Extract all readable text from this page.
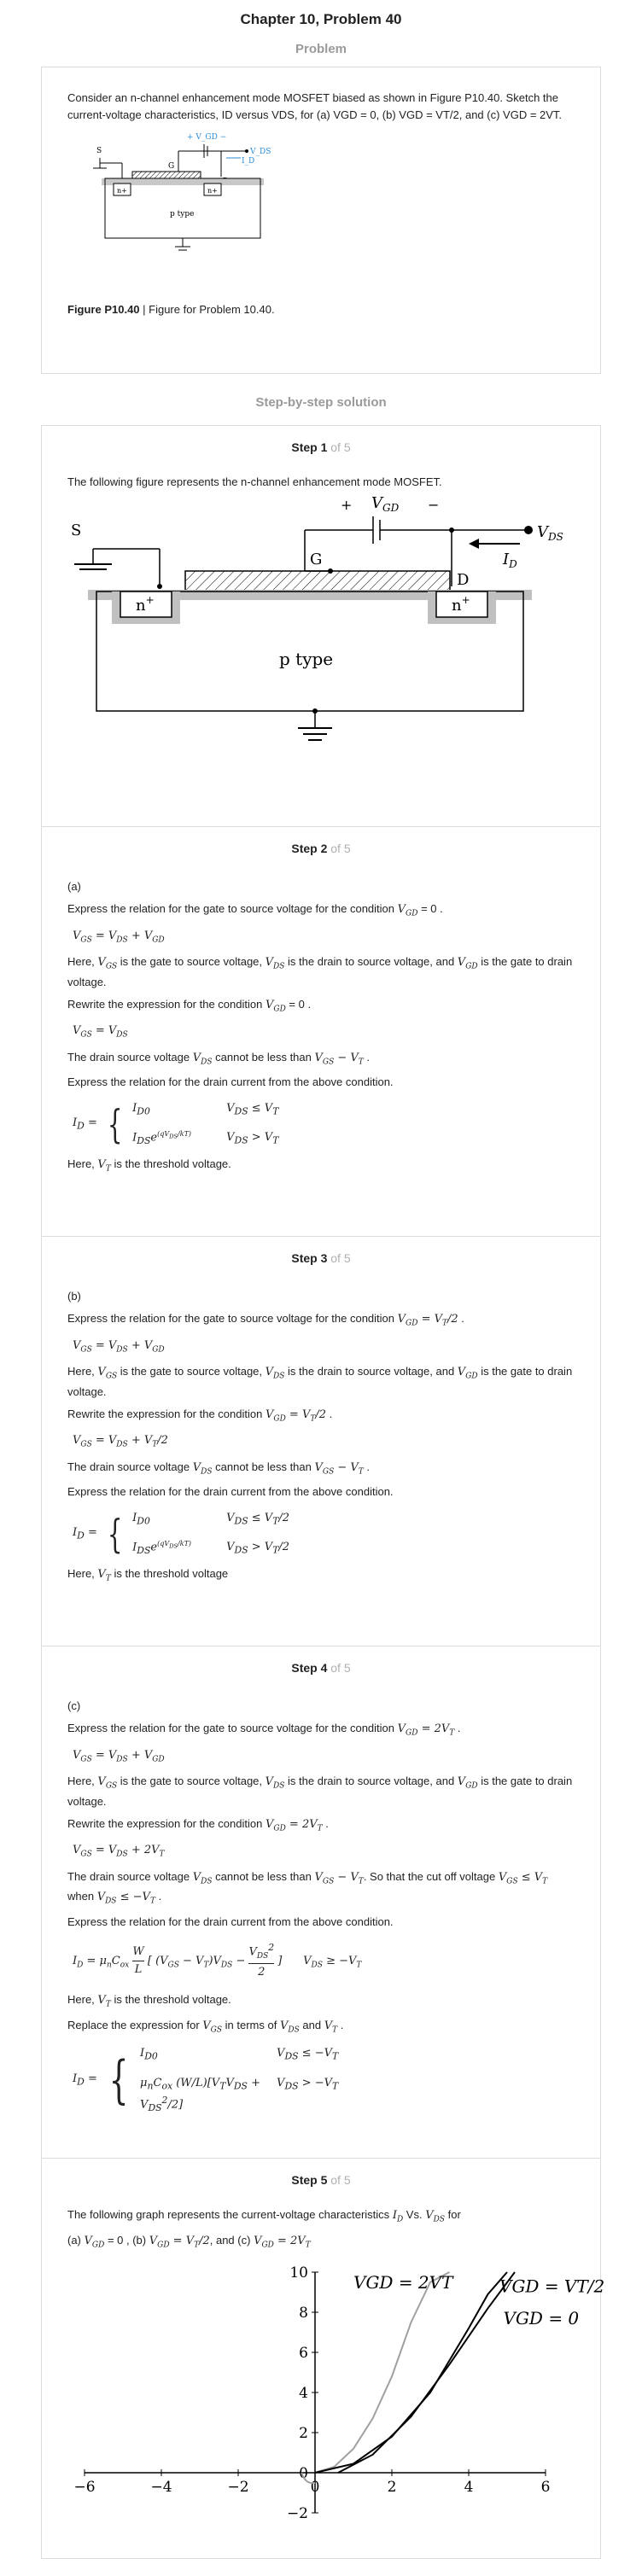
Chapter 10, Problem 40
Problem

Consider an n-channel enhancement mode MOSFET biased as shown in Figure P10.40. Sketch the current-voltage characteristics, ID versus VDS, for (a) VGD = 0, (b) VGD = VT/2, and (c) VGD = 2VT.

+ V_GD −
V_DS
I_D
G
S
n+	n+
p type
Figure P10.40 | Figure for Problem 10.40.
Step-by-step solution
Step 1 of 5

The following figure represents the n-channel enhancement mode MOSFET.

+ $V_{GD}$ −
$V_{DS}$
$I_D$
G
D
S
n+	n+
p type
Step 2 of 5

(a)

Express the relation for the gate to source voltage for the condition $V_{GD} = 0$ .

$V_{GS} = V_{DS} + V_{GD}$

Here, $V_{GS}$ is the gate to source voltage, $V_{DS}$ is the drain to source voltage, and $V_{GD}$ is the gate to drain voltage.

Rewrite the expression for the condition $V_{GD} = 0$ .

$V_{GS} = V_{DS}$

The drain source voltage $V_{DS}$ cannot be less than $V_{GS} - V_T$ .

Express the relation for the drain current from the above condition.

$I_D$ = { $I_{D0}$	$V_{DS} \le V_T$
$I_{DS}e^{(qV_{DS}/kT)}$	$V_{DS} > V_T$

Here, $V_T$ is the threshold voltage.

Step 3 of 5

(b)

Express the relation for the gate to source voltage for the condition $V_{GD} = V_T/2$ .

$V_{GS} = V_{DS} + V_{GD}$

Here, $V_{GS}$ is the gate to source voltage, $V_{DS}$ is the drain to source voltage, and $V_{GD}$ is the gate to drain voltage.

Rewrite the expression for the condition $V_{GD} = V_T/2$ .

$V_{GS} = V_{DS} + V_T/2$

The drain source voltage $V_{DS}$ cannot be less than $V_{GS} - V_T$ .

Express the relation for the drain current from the above condition.

$I_D$ = { $I_{D0}$	$V_{DS} \le V_T/2$
$I_{DS}e^{(qV_{DS}/kT)}$	$V_{DS} > V_T/2$

Here, $V_T$ is the threshold voltage

Step 4 of 5

(c)

Express the relation for the gate to source voltage for the condition $V_{GD} = 2V_T$ .

$V_{GS} = V_{DS} + V_{GD}$

Here, $V_{GS}$ is the gate to source voltage, $V_{DS}$ is the drain to source voltage, and $V_{GD}$ is the gate to drain voltage.

Rewrite the expression for the condition $V_{GD} = 2V_T$ .

$V_{GS} = V_{DS} + 2V_T$

The drain source voltage $V_{DS}$ cannot be less than $V_{GS} - V_T$. So that the cut off voltage $V_{GS} \le V_T$ when $V_{DS} \le -V_T$ .

Express the relation for the drain current from the above condition.

$I_D = \mu_nC_{ox} \frac{W}{L}$ [ $(V_{GS} - V_T)V_{DS}$ −
$V_{DS}^2$
2
]      $V_{DS} \ge -V_T$

Here, $V_T$ is the threshold voltage.

Replace the expression for $V_{GS}$ in terms of $V_{DS}$ and $V_T$ .

$I_D$ = { $I_{D0}$	$V_{DS} \le -V_T$
$\mu_nC_{ox}$ $(W/L)[V_TV_{DS} + V_{DS}^2/2]$
$V_{DS} > -V_T$
Step 5 of 5

The following graph represents the current-voltage characteristics $I_D$ Vs. $V_{DS}$ for

(a) $V_{GD} = 0$ , (b) $V_{GD} = V_T/2$, and (c) $V_{GD} = 2V_T$

−6	−4	−2	0	2	4	6
−2
0
2
4
6
8
10	VGD = 2VT	VGD = VT/2
VGD = 0
